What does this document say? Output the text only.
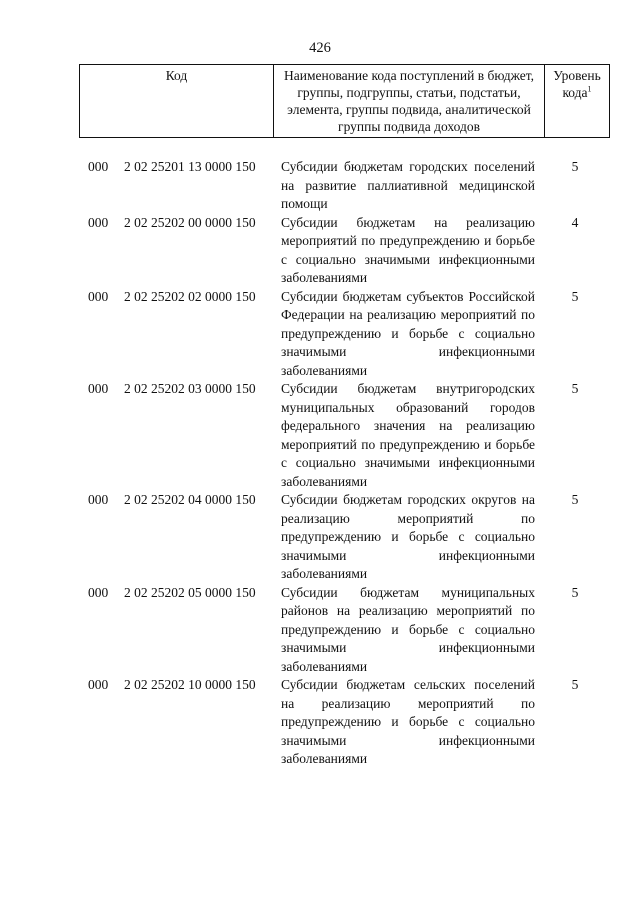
426
Код	Наименование кода поступлений в бюджет, группы, подгруппы, статьи, подстатьи, элемента, группы подвида, аналитической группы подвида доходов
Уровень кода$^1$
000 2 02 25201 13 0000 150 Субсидии бюджетам городских поселений на развитие паллиативной медицинской помощи
5
000 2 02 25202 00 0000 150 Субсидии бюджетам на реализацию мероприятий по предупреждению и борьбе с социально значимыми инфекционными заболеваниями
4
000 2 02 25202 02 0000 150 Субсидии бюджетам субъектов Российской Федерации на реализацию мероприятий по предупреждению и борьбе с социально значимыми инфекционными заболеваниями
5
000 2 02 25202 03 0000 150 Субсидии бюджетам внутригородских муниципальных образований городов федерального значения на реализацию мероприятий по предупреждению и борьбе с социально значимыми инфекционными заболеваниями
5
000 2 02 25202 04 0000 150 Субсидии бюджетам городских округов на реализацию мероприятий по предупреждению и борьбе с социально значимыми инфекционными заболеваниями
5
000 2 02 25202 05 0000 150 Субсидии бюджетам муниципальных районов на реализацию мероприятий по предупреждению и борьбе с социально значимыми инфекционными заболеваниями
5
000 2 02 25202 10 0000 150 Субсидии бюджетам сельских поселений на реализацию мероприятий по предупреждению и борьбе с социально значимыми инфекционными заболеваниями
5
